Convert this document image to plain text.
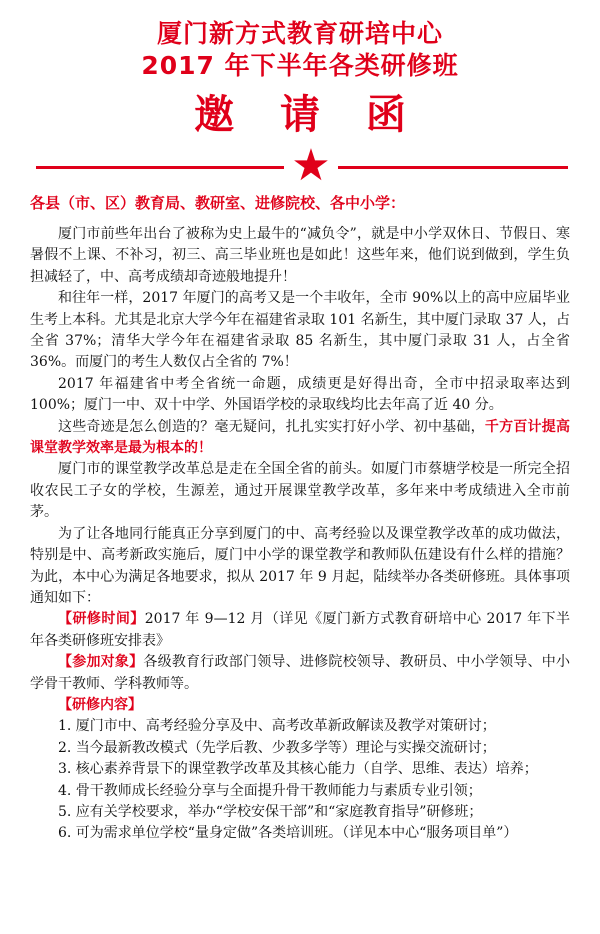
厦门新方式教育研培中心
2017 年下半年各类研修班
邀 请 函
★
各县（市、区）教育局、教研室、进修院校、各中小学：

厦门市前些年出台了被称为史上最牛的“减负令”，就是中小学双休日、节假日、寒暑假不上课、不补习，初三、高三毕业班也是如此！这些年来，他们说到做到，学生负担减轻了，中、高考成绩却奇迹般地提升！

和往年一样，2017 年厦门的高考又是一个丰收年，全市 90%以上的高中应届毕业生考上本科。尤其是北京大学今年在福建省录取 101 名新生，其中厦门录取 37 人，占全省 37%；清华大学今年在福建省录取 85 名新生，其中厦门录取 31 人，占全省 36%。而厦门的考生人数仅占全省的 7%！

2017 年福建省中考全省统一命题，成绩更是好得出奇，全市中招录取率达到 100%；厦门一中、双十中学、外国语学校的录取线均比去年高了近 40 分。

这些奇迹是怎么创造的？毫无疑问，扎扎实实打好小学、初中基础，千方百计提高课堂教学效率是最为根本的！

厦门市的课堂教学改革总是走在全国全省的前头。如厦门市蔡塘学校是一所完全招收农民工子女的学校，生源差，通过开展课堂教学改革，多年来中考成绩进入全市前茅。

为了让各地同行能真正分享到厦门的中、高考经验以及课堂教学改革的成功做法，特别是中、高考新政实施后，厦门中小学的课堂教学和教师队伍建设有什么样的措施？为此，本中心为满足各地要求，拟从 2017 年 9 月起，陆续举办各类研修班。具体事项通知如下：

【研修时间】2017 年 9—12 月（详见《厦门新方式教育研培中心 2017 年下半年各类研修班安排表》

【参加对象】各级教育行政部门领导、进修院校领导、教研员、中小学领导、中小学骨干教师、学科教师等。

【研修内容】

1. 厦门市中、高考经验分享及中、高考改革新政解读及教学对策研讨；

2. 当今最新教改模式（先学后教、少教多学等）理论与实操交流研讨；

3. 核心素养背景下的课堂教学改革及其核心能力（自学、思维、表达）培养；

4. 骨干教师成长经验分享与全面提升骨干教师能力与素质专业引领；

5. 应有关学校要求，举办“学校安保干部”和“家庭教育指导”研修班；

6. 可为需求单位学校“量身定做”各类培训班。（详见本中心“服务项目单”）
